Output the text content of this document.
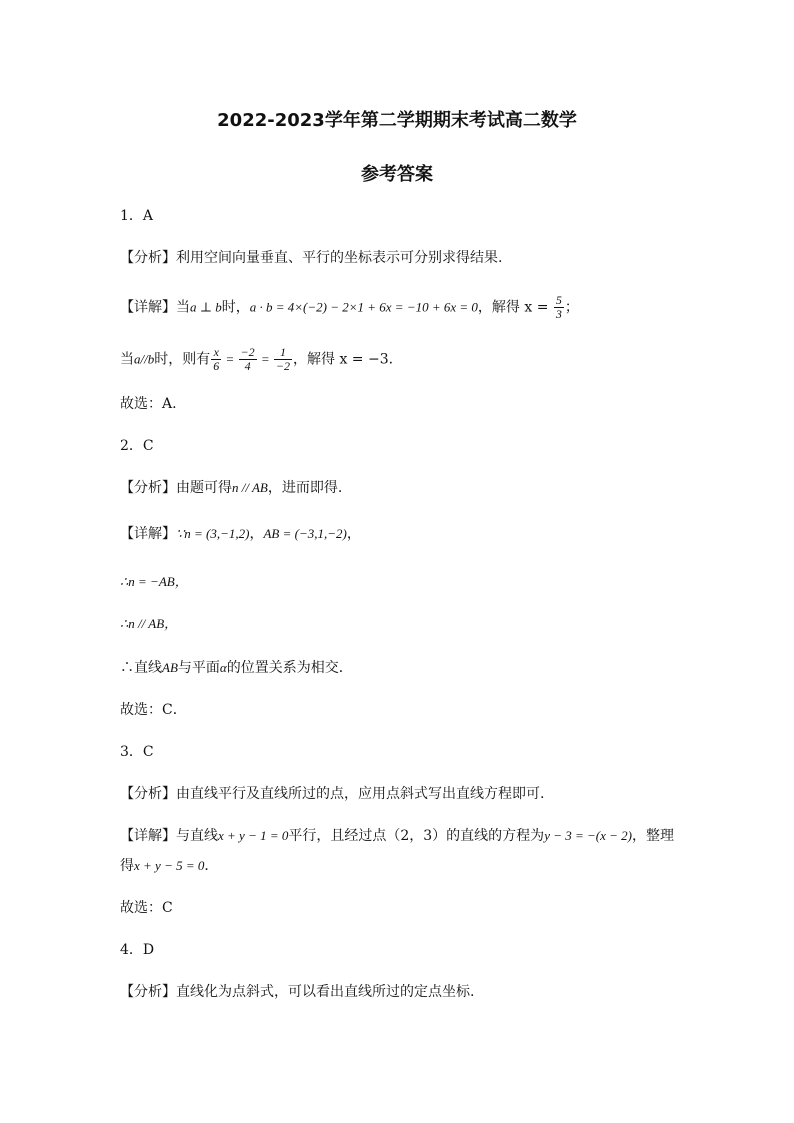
2022-2023学年第二学期期末考试高二数学
参考答案
1．A
【分析】利用空间向量垂直、平行的坐标表示可分别求得结果.
【详解】当a ⊥ b时，a · b = 4×(−2) − 2×1 + 6x = −10 + 6x = 0，解得 $x = \frac{5}{3}$ ；
当a//b时，则有 $\frac{x}{6} = \frac{-2}{4} = \frac{1}{-2}$ ，解得 x = −3.
故选：A.
2．C
【分析】由题可得n // AB，进而即得.
【详解】∵n = (3,−1,2)，AB = (−3,1,−2)，
∴n = −AB，
∴n // AB，
∴直线AB与平面α的位置关系为相交．
故选：C．
3．C
【分析】由直线平行及直线所过的点，应用点斜式写出直线方程即可.
【详解】与直线x + y − 1 = 0平行，且经过点（2，3）的直线的方程为y − 3 = −(x − 2)，整理
得x + y − 5 = 0．
故选：C
4．D
【分析】直线化为点斜式，可以看出直线所过的定点坐标.
